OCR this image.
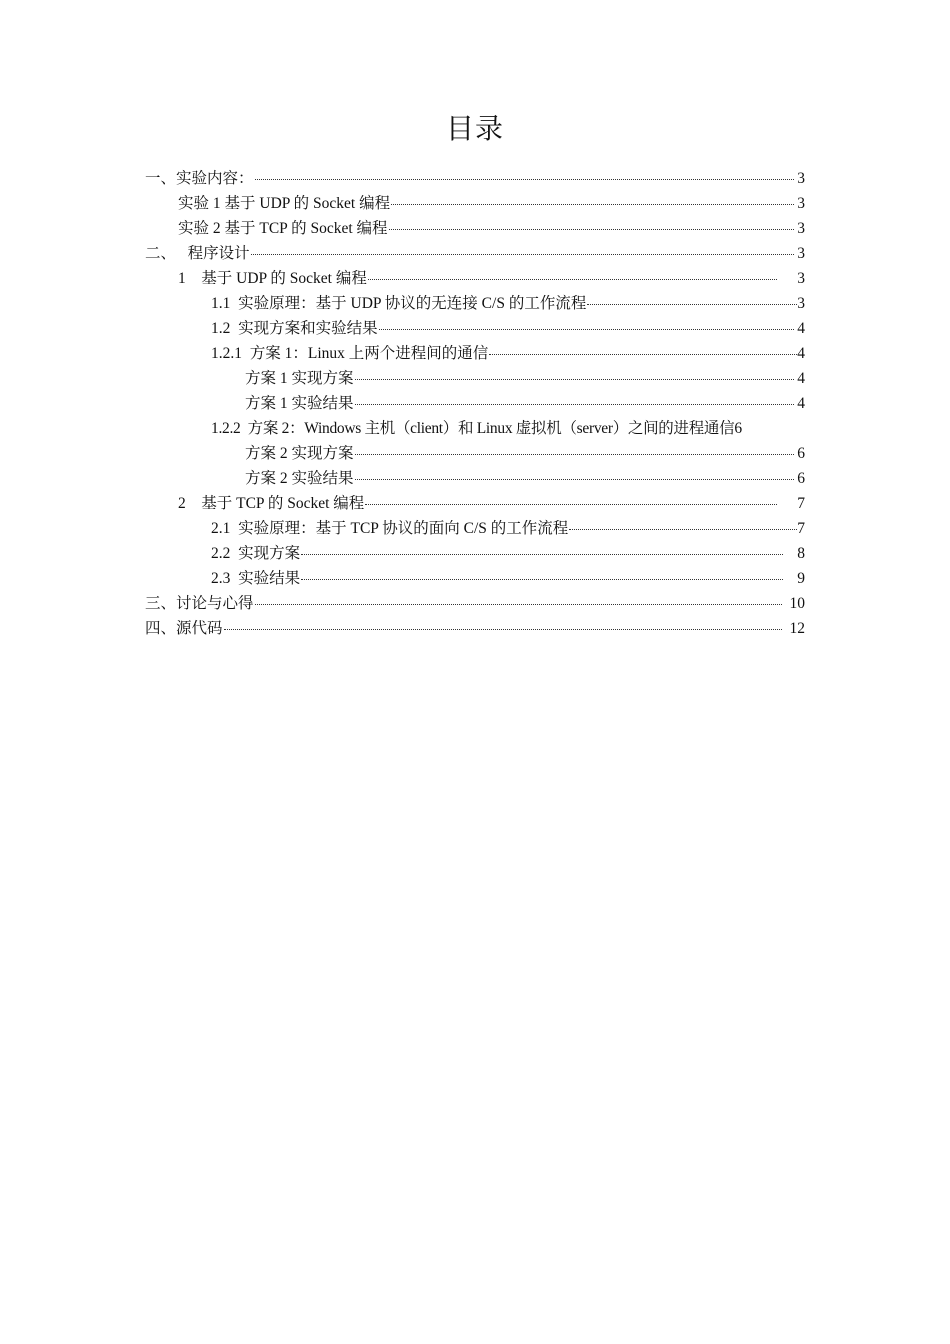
目录
一、实验内容：	3
实验 1 基于 UDP 的 Socket 编程	3
实验 2 基于 TCP 的 Socket 编程	3
二、   程序设计	3
1    基于 UDP 的 Socket 编程	3
1.1  实验原理：基于 UDP 协议的无连接 C/S 的工作流程	3
1.2  实现方案和实验结果	4
1.2.1  方案 1：Linux 上两个进程间的通信	4
方案 1 实现方案	4
方案 1 实验结果	4
1.2.2  方案 2：Windows 主机（client）和 Linux 虚拟机（server）之间的进程通信 6
方案 2 实现方案	6
方案 2 实验结果	6
2    基于 TCP 的 Socket 编程	7
2.1  实验原理：基于 TCP 协议的面向 C/S 的工作流程	7
2.2  实现方案	8
2.3  实验结果	9
三、讨论与心得	10
四、源代码	12
